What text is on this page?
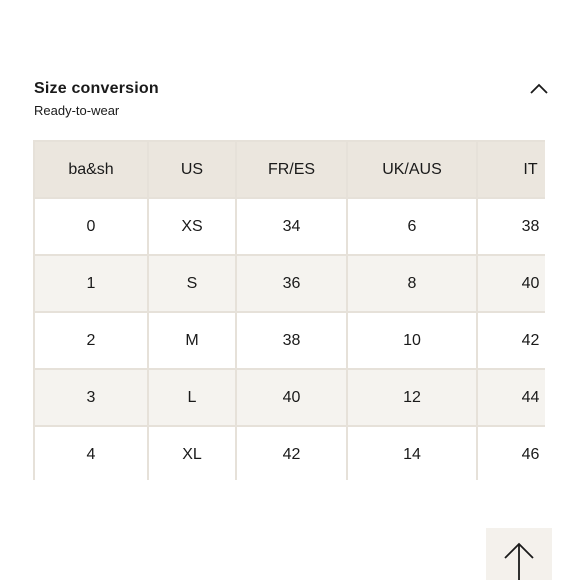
Size conversion
Ready-to-wear
ba&sh	US	FR/ES	UK/AUS	IT
0	XS	34	6	38
1	S	36	8	40
2	M	38	10	42
3	L	40	12	44
4	XL	42	14	46
